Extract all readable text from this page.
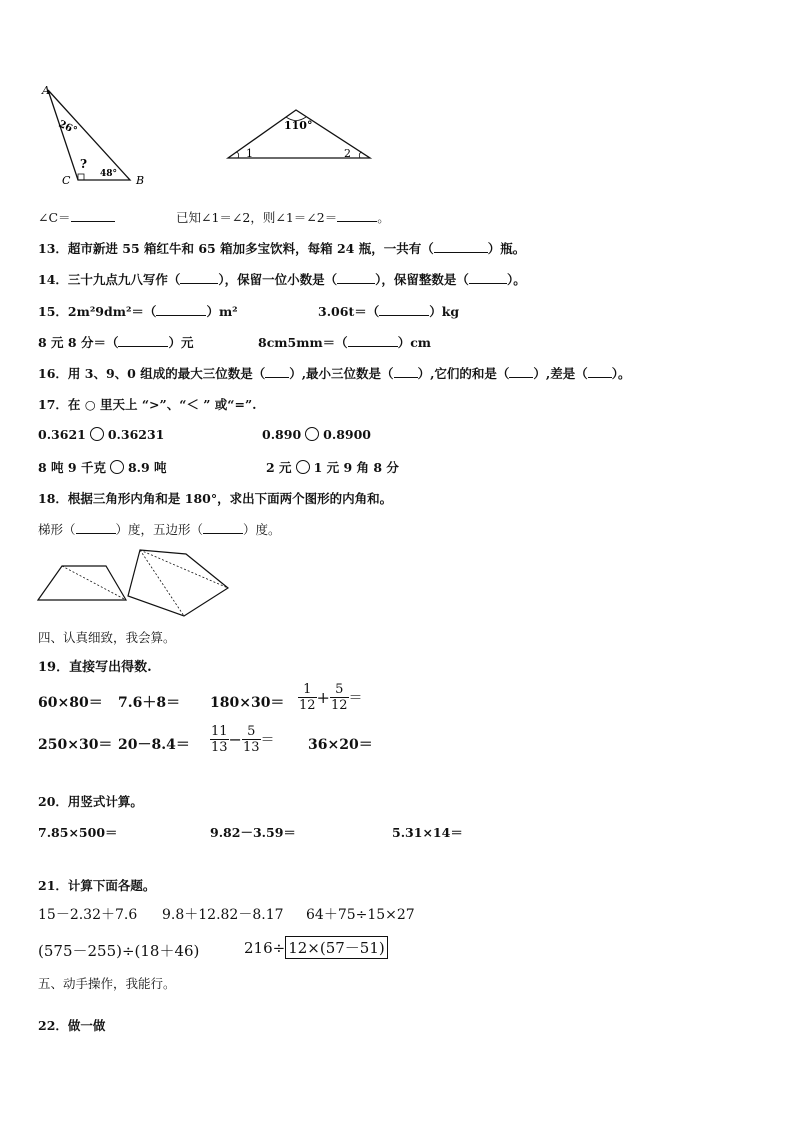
A
C	B
26°
?
48°
110°
1	2
∠C＝	已知∠1＝∠2，则∠1＝∠2＝	。
13．超市新进 55 箱红牛和 65 箱加多宝饮料，每箱 24 瓶，一共有（	）瓶。
14．三十九点九八写作（	），保留一位小数是（	），保留整数是（	）。
15．2m²9dm²＝（	）m²	3.06t＝（	）kg
8 元 8 分＝（	）元	8cm5mm＝（	）cm
16．用 3、9、0 组成的最大三位数是（ ）,最小三位数是（ ）,它们的和是（ ）,差是（ ）。
17．在 ○ 里天上 “>”、“＜ ” 或“=”.
0.3621 0.36231	0.890 0.8900
8 吨 9 千克 8.9 吨	2 元 1 元 9 角 8 分
18．根据三角形内角和是 180°，求出下面两个图形的内角和。
梯形（	）度，五边形（	）度。
四、认真细致，我会算。
19．直接写出得数.
$60\times 80= 7.6+8= 180\times 30= \frac{1}{12} + \frac{5}{12}$ ＝
$250\times 30= 20-8.4= \frac{11}{13} - \frac{5}{13} = 36\times 20=$
20．用竖式计算。
7.85×500＝	9.82－3.59＝	5.31×14＝
21．计算下面各题。
15－2.32＋7.6 9.8＋12.82－8.17 64＋75÷15×27
(575－255)÷(18＋46)	216÷ 12×(57－51)
五、动手操作，我能行。
22．做一做
